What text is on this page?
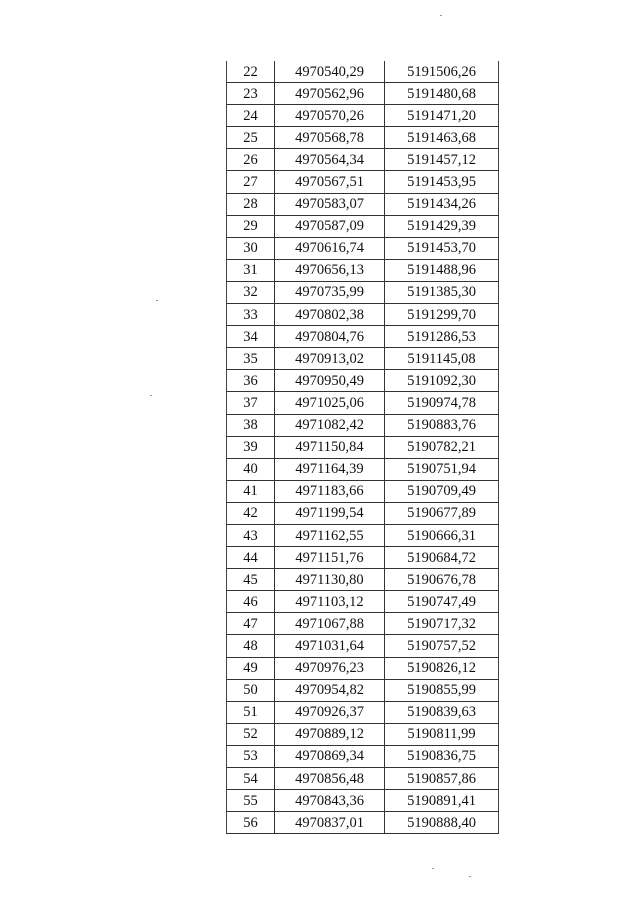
22	4970540,29	5191506,26
23	4970562,96	5191480,68
24	4970570,26	5191471,20
25	4970568,78	5191463,68
26	4970564,34	5191457,12
27	4970567,51	5191453,95
28	4970583,07	5191434,26
29	4970587,09	5191429,39
30	4970616,74	5191453,70
31	4970656,13	5191488,96
32	4970735,99	5191385,30
33	4970802,38	5191299,70
34	4970804,76	5191286,53
35	4970913,02	5191145,08
36	4970950,49	5191092,30
37	4971025,06	5190974,78
38	4971082,42	5190883,76
39	4971150,84	5190782,21
40	4971164,39	5190751,94
41	4971183,66	5190709,49
42	4971199,54	5190677,89
43	4971162,55	5190666,31
44	4971151,76	5190684,72
45	4971130,80	5190676,78
46	4971103,12	5190747,49
47	4971067,88	5190717,32
48	4971031,64	5190757,52
49	4970976,23	5190826,12
50	4970954,82	5190855,99
51	4970926,37	5190839,63
52	4970889,12	5190811,99
53	4970869,34	5190836,75
54	4970856,48	5190857,86
55	4970843,36	5190891,41
56	4970837,01	5190888,40
